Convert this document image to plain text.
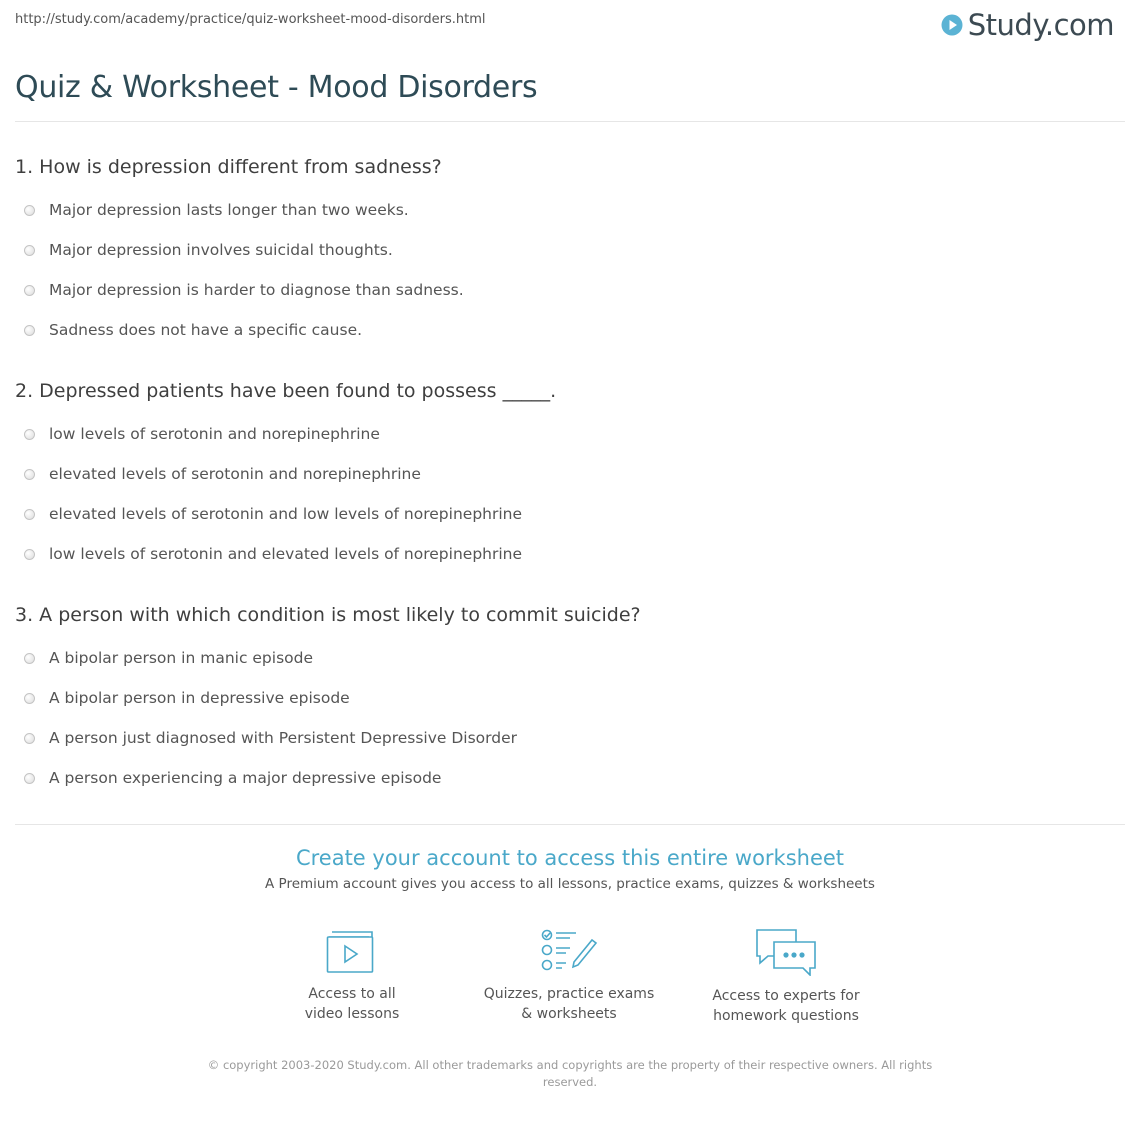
http://study.com/academy/practice/quiz-worksheet-mood-disorders.html	Study.com
Quiz & Worksheet - Mood Disorders
1. How is depression different from sadness?
Major depression lasts longer than two weeks.
Major depression involves suicidal thoughts.
Major depression is harder to diagnose than sadness.
Sadness does not have a specific cause.
2. Depressed patients have been found to possess _____.
low levels of serotonin and norepinephrine
elevated levels of serotonin and norepinephrine
elevated levels of serotonin and low levels of norepinephrine
low levels of serotonin and elevated levels of norepinephrine
3. A person with which condition is most likely to commit suicide?
A bipolar person in manic episode
A bipolar person in depressive episode
A person just diagnosed with Persistent Depressive Disorder
A person experiencing a major depressive episode
Create your account to access this entire worksheet
A Premium account gives you access to all lessons, practice exams, quizzes & worksheets
Access to all
video lessons
Quizzes, practice exams
& worksheets
Access to experts for
homework questions
© copyright 2003-2020 Study.com. All other trademarks and copyrights are the property of their respective owners. All rights
reserved.
